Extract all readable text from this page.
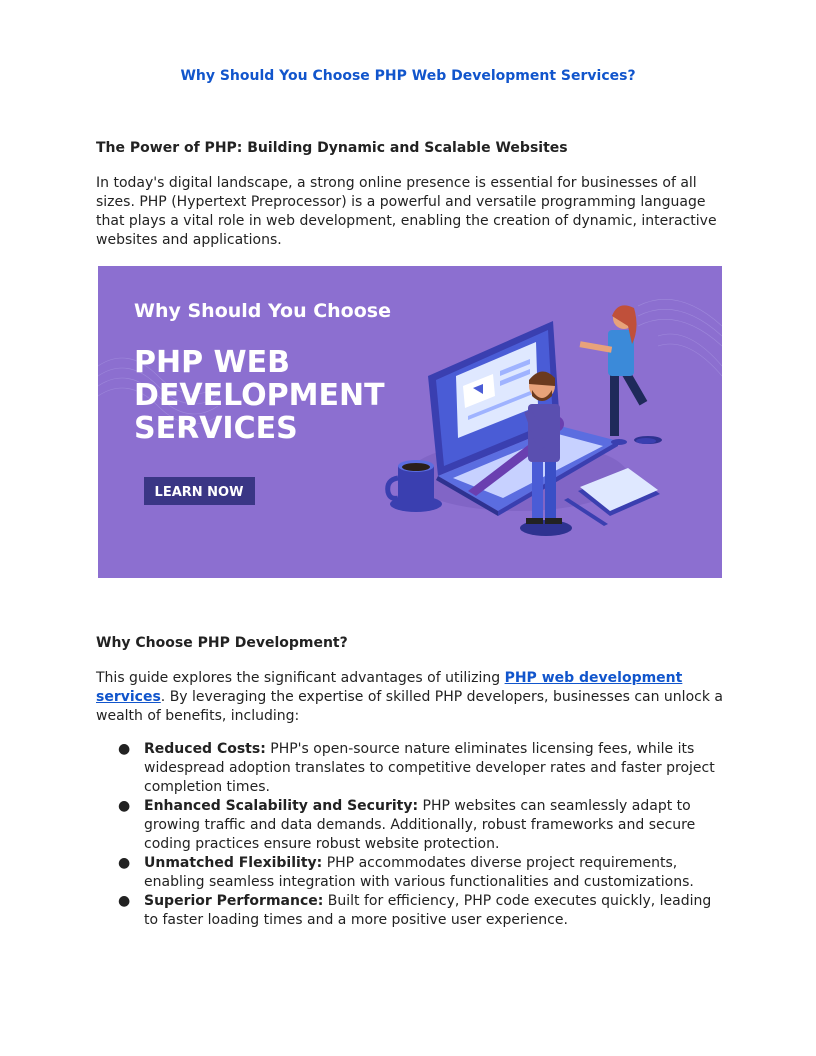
Why Should You Choose PHP Web Development Services?
The Power of PHP: Building Dynamic and Scalable Websites

In today's digital landscape, a strong online presence is essential for businesses of all sizes. PHP (Hypertext Preprocessor) is a powerful and versatile programming language that plays a vital role in web development, enabling the creation of dynamic, interactive websites and applications.

Why Should You Choose
PHP WEB
DEVELOPMENT
SERVICES
LEARN NOW
Why Choose PHP Development?

This guide explores the significant advantages of utilizing PHP web development services. By leveraging the expertise of skilled PHP developers, businesses can unlock a wealth of benefits, including:

● Reduced Costs: PHP's open-source nature eliminates licensing fees, while its widespread adoption translates to competitive developer rates and faster project completion times.
● Enhanced Scalability and Security: PHP websites can seamlessly adapt to growing traffic and data demands. Additionally, robust frameworks and secure coding practices ensure robust website protection.
● Unmatched Flexibility: PHP accommodates diverse project requirements, enabling seamless integration with various functionalities and customizations.
● Superior Performance: Built for efficiency, PHP code executes quickly, leading to faster loading times and a more positive user experience.
